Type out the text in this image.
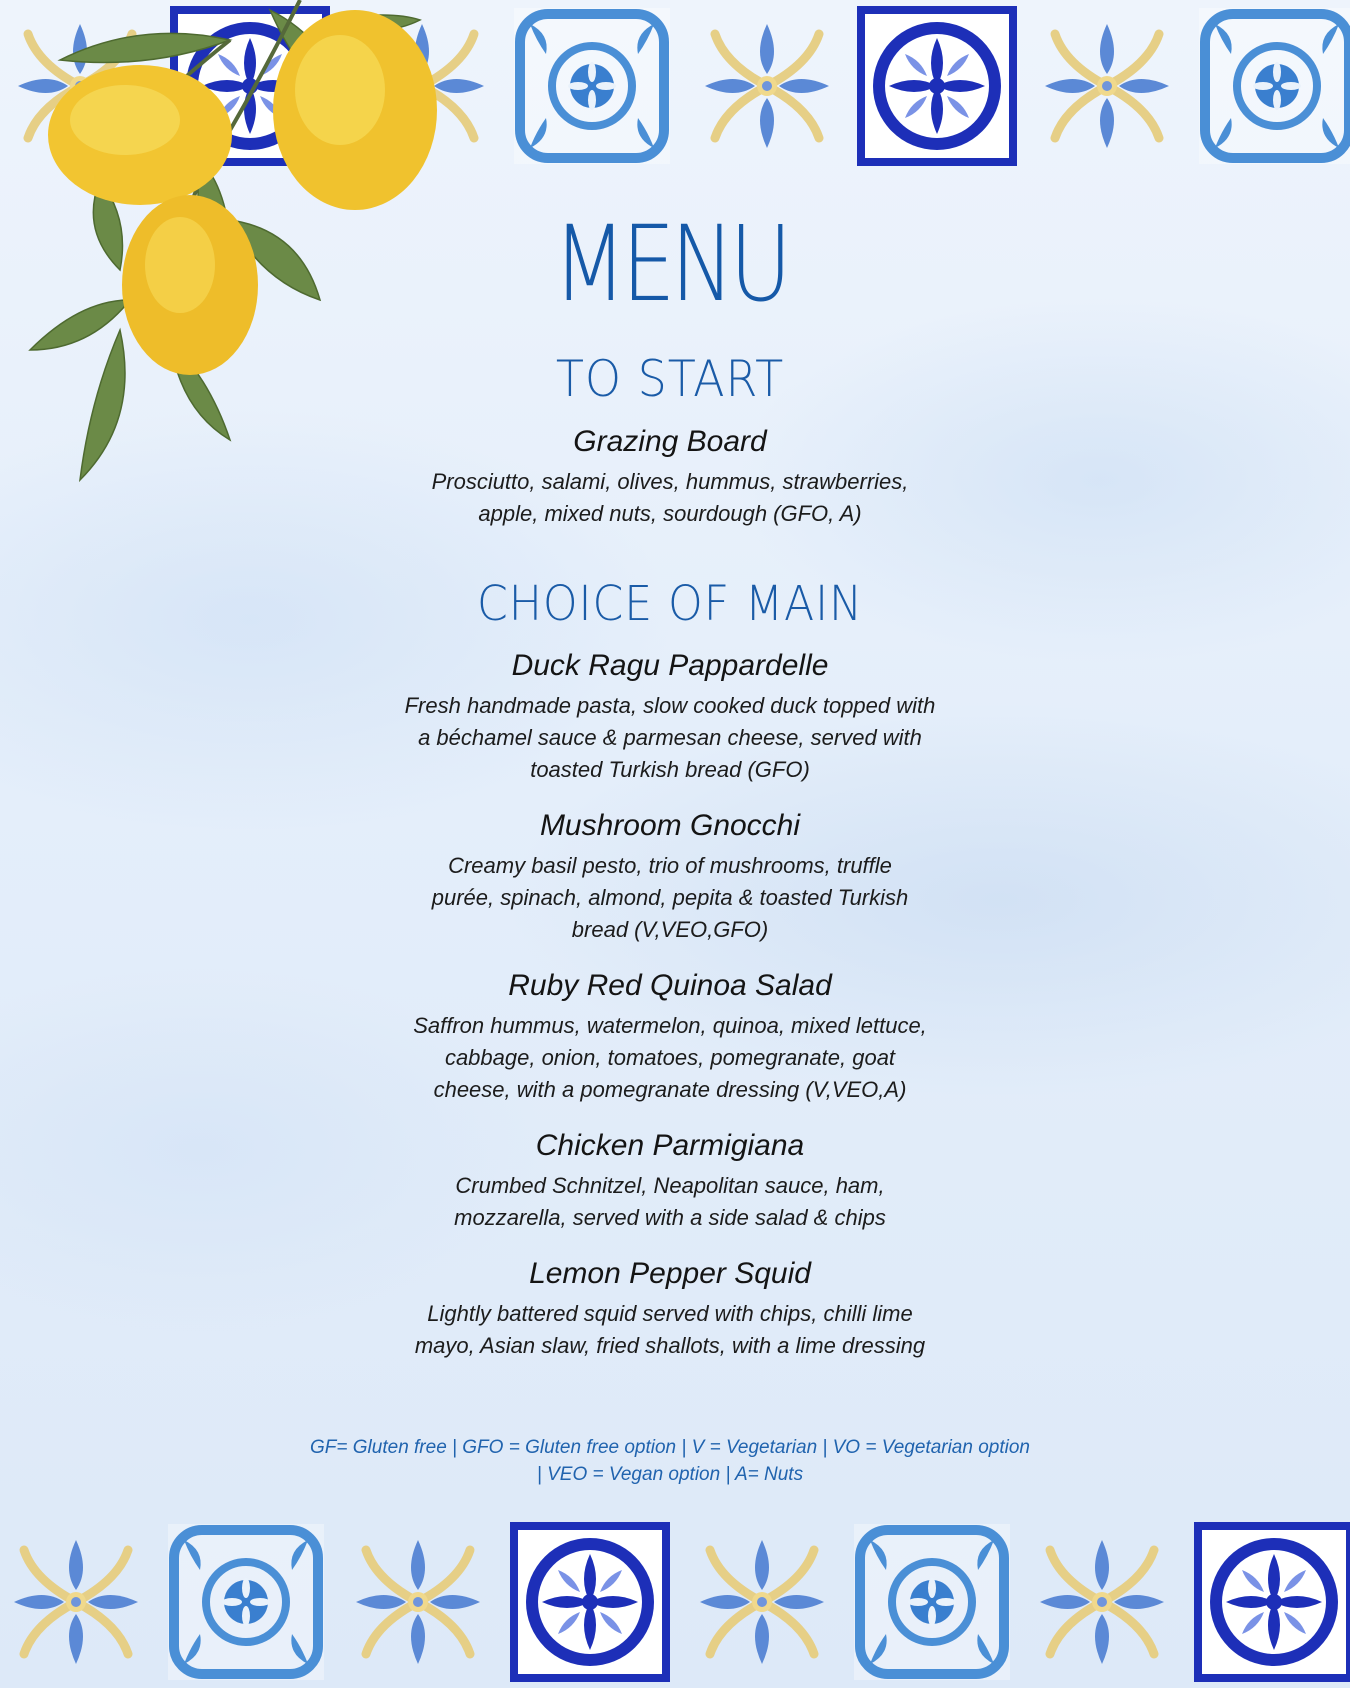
MENU
TO START
Grazing Board
Prosciutto, salami, olives, hummus, strawberries,
apple, mixed nuts, sourdough (GFO, A)
CHOICE OF MAIN
Duck Ragu Pappardelle
Fresh handmade pasta, slow cooked duck topped with
a béchamel sauce & parmesan cheese, served with
toasted Turkish bread (GFO)
Mushroom Gnocchi
Creamy basil pesto, trio of mushrooms, truffle
purée, spinach, almond, pepita & toasted Turkish
bread (V,VEO,GFO)
Ruby Red Quinoa Salad
Saffron hummus, watermelon, quinoa, mixed lettuce,
cabbage, onion, tomatoes, pomegranate, goat
cheese, with a pomegranate dressing (V,VEO,A)
Chicken Parmigiana
Crumbed Schnitzel, Neapolitan sauce, ham,
mozzarella, served with a side salad & chips
Lemon Pepper Squid
Lightly battered squid served with chips, chilli lime
mayo, Asian slaw, fried shallots, with a lime dressing
GF= Gluten free | GFO = Gluten free option | V = Vegetarian | VO = Vegetarian option
| VEO = Vegan option | A= Nuts
